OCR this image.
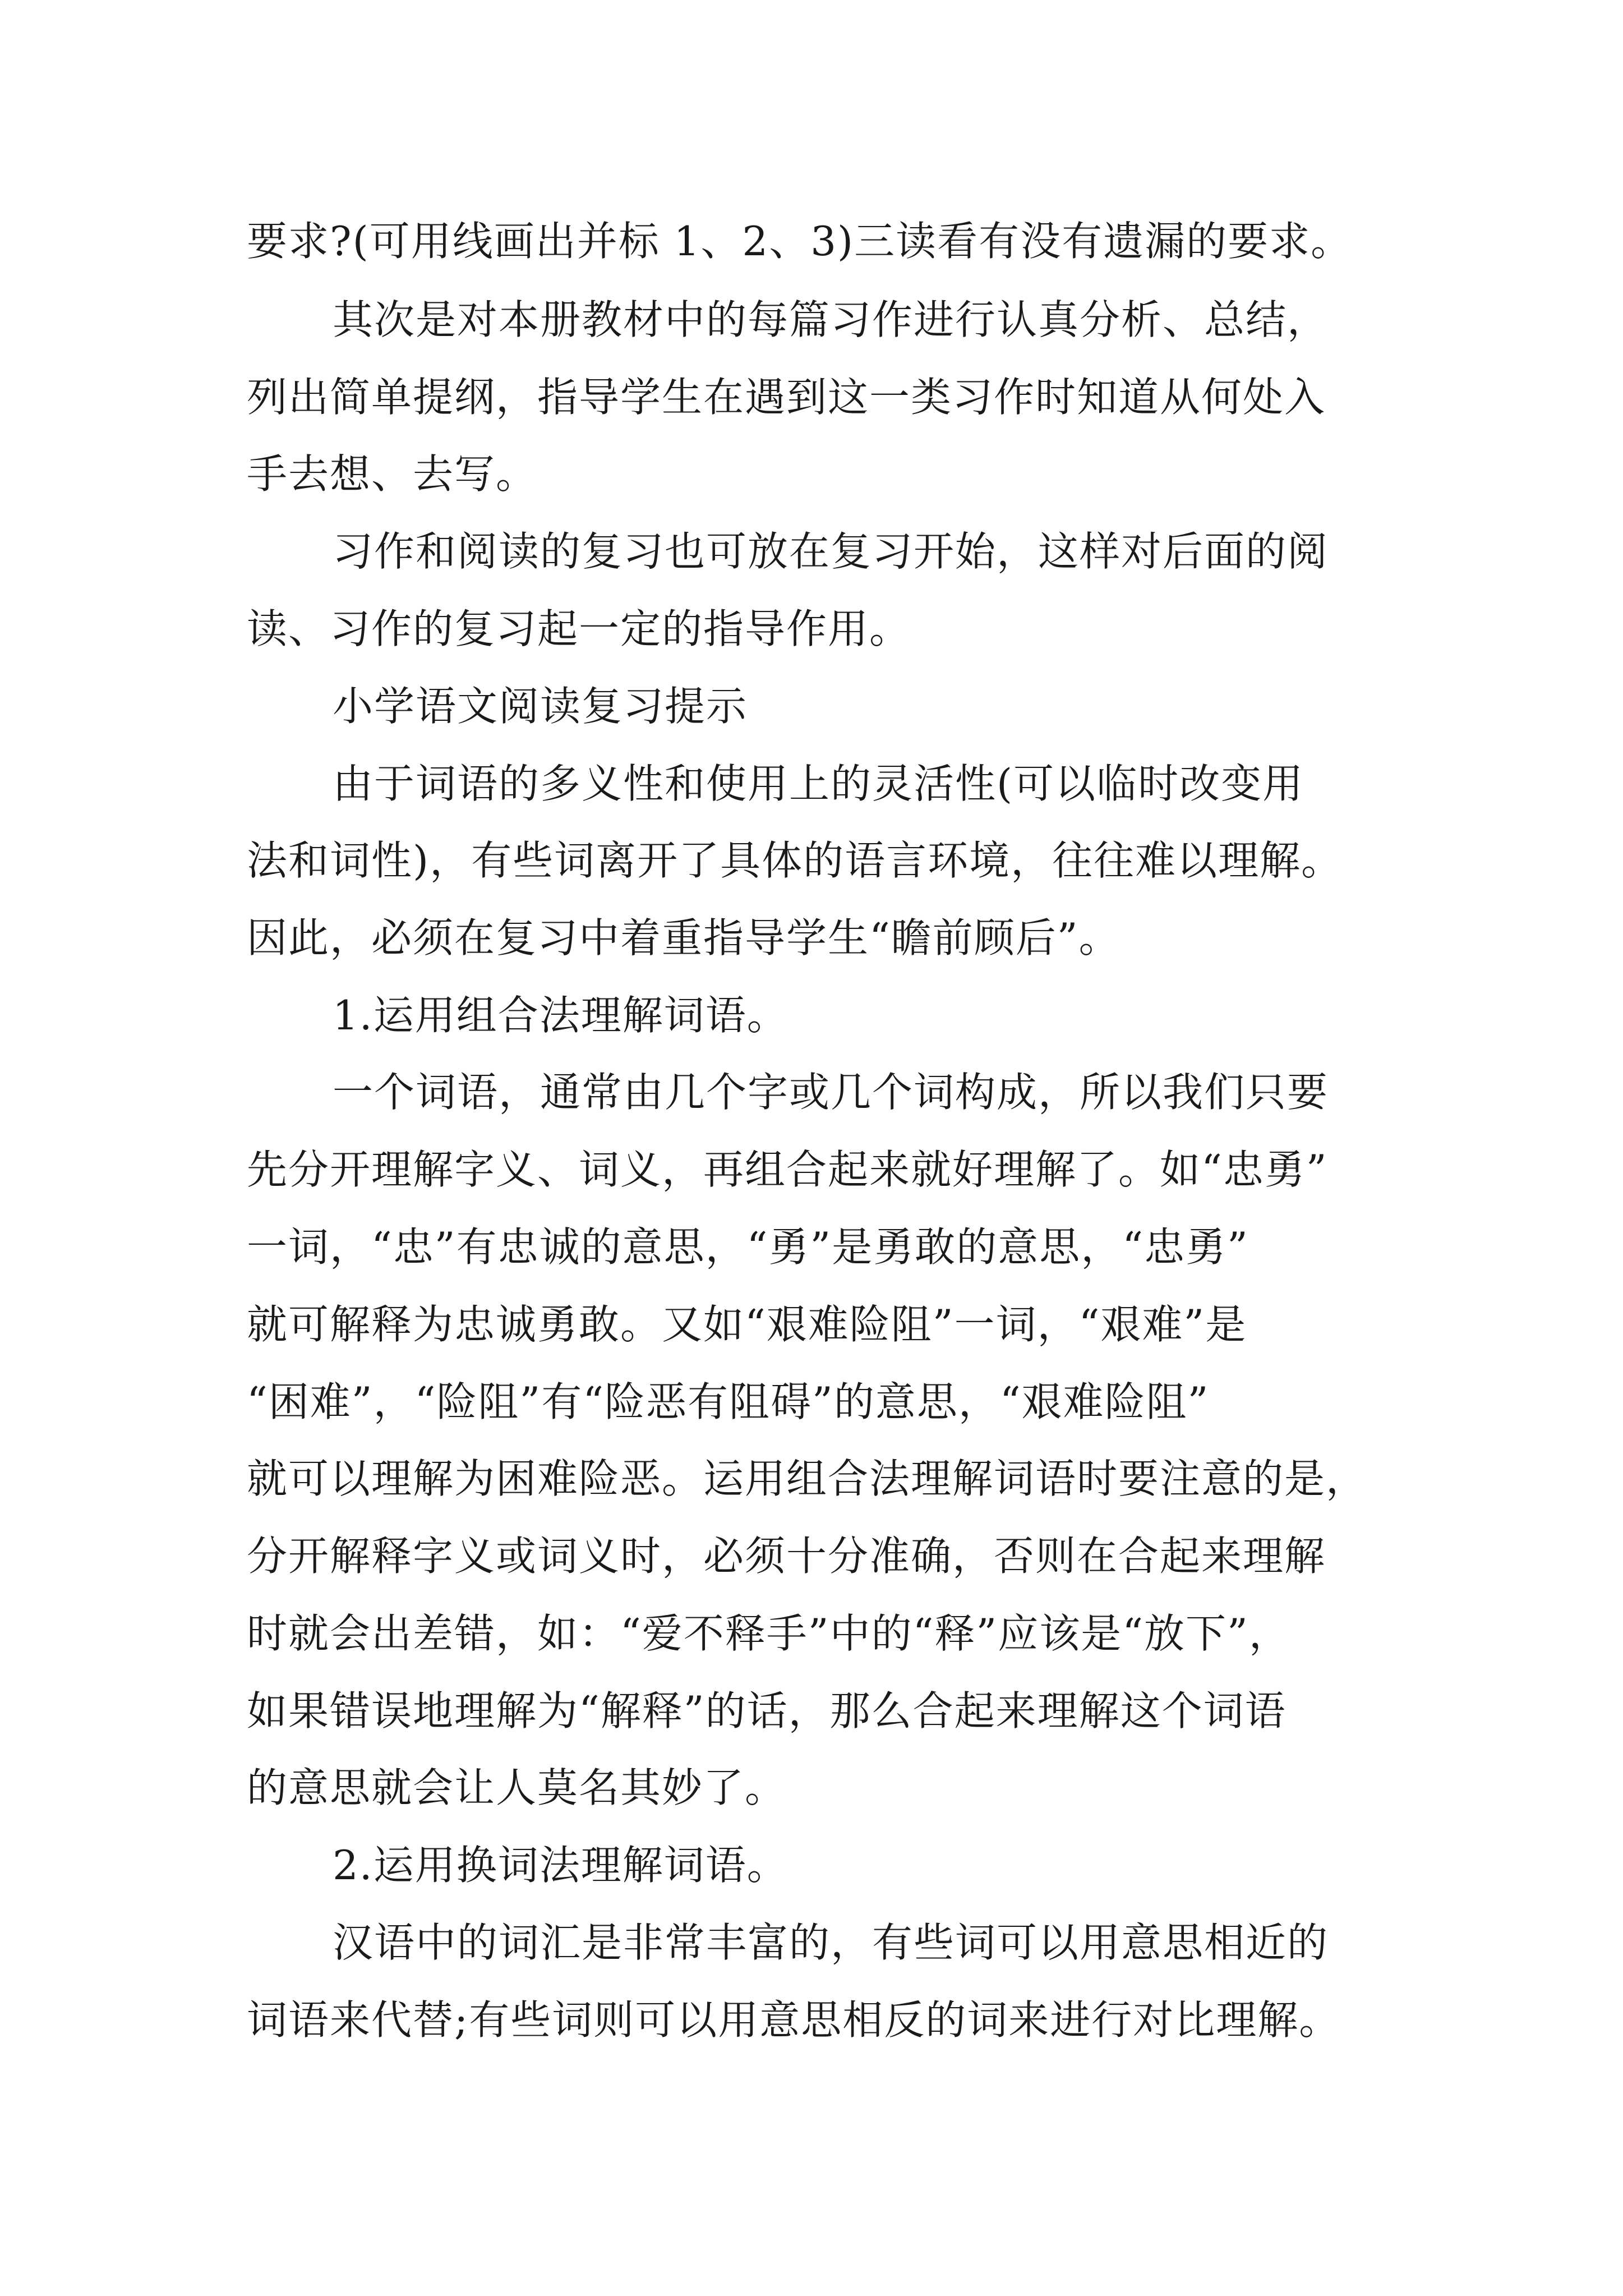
要求?(可用线画出并标 1、2、3)三读看有没有遗漏的要求。
其次是对本册教材中的每篇习作进行认真分析、总结，
列出简单提纲，指导学生在遇到这一类习作时知道从何处入
手去想、去写。
习作和阅读的复习也可放在复习开始，这样对后面的阅
读、习作的复习起一定的指导作用。
小学语文阅读复习提示
由于词语的多义性和使用上的灵活性(可以临时改变用
法和词性)，有些词离开了具体的语言环境，往往难以理解。
因此，必须在复习中着重指导学生“瞻前顾后”。
1.运用组合法理解词语。
一个词语，通常由几个字或几个词构成，所以我们只要
先分开理解字义、词义，再组合起来就好理解了。如“忠勇”
一词，“忠”有忠诚的意思，“勇”是勇敢的意思，“忠勇”
就可解释为忠诚勇敢。又如“艰难险阻”一词，“艰难”是
“困难”，“险阻”有“险恶有阻碍”的意思，“艰难险阻”
就可以理解为困难险恶。运用组合法理解词语时要注意的是，
分开解释字义或词义时，必须十分准确，否则在合起来理解
时就会出差错，如：“爱不释手”中的“释”应该是“放下”，
如果错误地理解为“解释”的话，那么合起来理解这个词语
的意思就会让人莫名其妙了。
2.运用换词法理解词语。
汉语中的词汇是非常丰富的，有些词可以用意思相近的
词语来代替;有些词则可以用意思相反的词来进行对比理解。
